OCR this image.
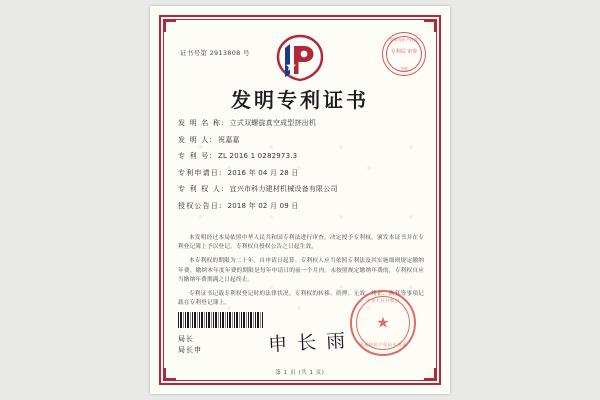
证书号第 2913808 号
国家知识产权局
专利局 审查
中国
发明专利证书
发 明 名 称: 立式双螺旋真空成型挤出机
发 明 人: 祝嘉嘉
专 利 号: ZL 2016 1 0282973.3
专利申请日: 2016 年 04 月 28 日
专 利 权 人: 宜兴市科力建材机械设备有限公司
授权公告日: 2018 年 02 月 09 日

本发明经过本局依照中华人民共和国专利法进行审查，决定授予专利权，颁发本证书并在专利登记簿上予以登记。专利权自授权公告之日起生效。

本专利权的期限为二十年，自申请日起算。专利权人应当依照专利法及其实施细则规定缴纳年费。缴纳本年度年费的期限是每年申请日的前一个月内。未按照规定缴纳年费的，专利权自应当缴纳年费期满之日起终止。

专利证书记载专利权登记时的法律状况。专利权的转移、质押、无效、终止、恢复等事项记载在专利登记簿上。

局长
局长申	申 长 雨
中华人民共和国
★
国家知识产权局专用章
第 1 页 (共 1 页)
